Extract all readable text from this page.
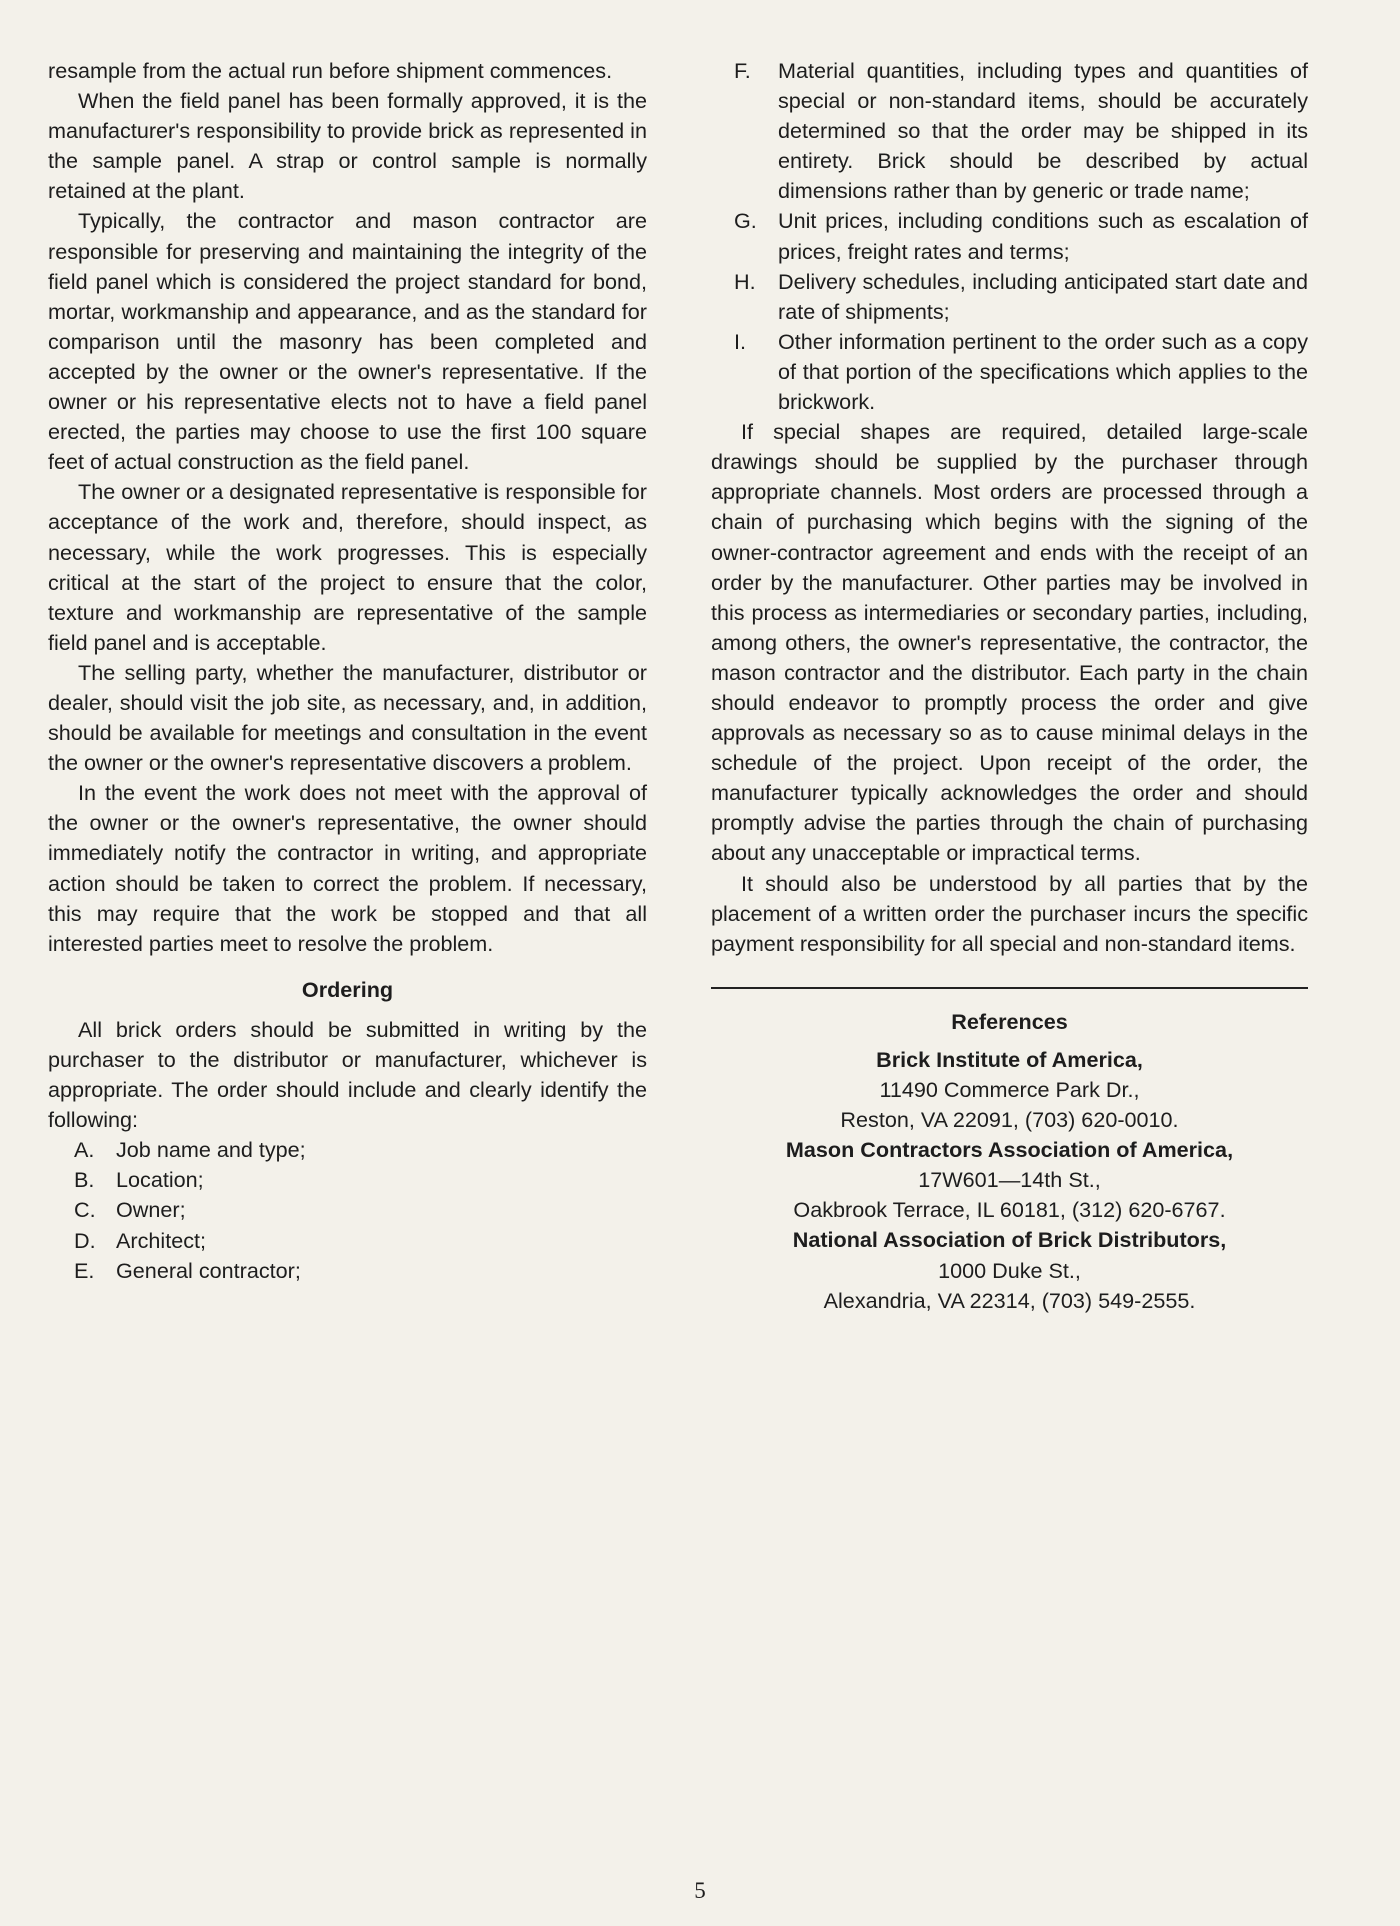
resample from the actual run before shipment commences.

When the field panel has been formally approved, it is the manufacturer's responsibility to provide brick as represented in the sample panel. A strap or control sample is normally retained at the plant.

Typically, the contractor and mason contractor are responsible for preserving and maintaining the integrity of the field panel which is considered the project standard for bond, mortar, workmanship and appearance, and as the standard for comparison until the masonry has been completed and accepted by the owner or the owner's representative. If the owner or his representative elects not to have a field panel erected, the parties may choose to use the first 100 square feet of actual construction as the field panel.

The owner or a designated representative is responsible for acceptance of the work and, therefore, should inspect, as necessary, while the work progresses. This is especially critical at the start of the project to ensure that the color, texture and workmanship are representative of the sample field panel and is acceptable.

The selling party, whether the manufacturer, distributor or dealer, should visit the job site, as necessary, and, in addition, should be available for meetings and consultation in the event the owner or the owner's representative discovers a problem.

In the event the work does not meet with the approval of the owner or the owner's representative, the owner should immediately notify the contractor in writing, and appropriate action should be taken to correct the problem. If necessary, this may require that the work be stopped and that all interested parties meet to resolve the problem.

Ordering

All brick orders should be submitted in writing by the purchaser to the distributor or manufacturer, whichever is appropriate. The order should include and clearly identify the following:

A. Job name and type;
B. Location;
C. Owner;
D. Architect;
E. General contractor;
F. Material quantities, including types and quantities of special or non-standard items, should be accurately determined so that the order may be shipped in its entirety. Brick should be described by actual dimensions rather than by generic or trade name;
G. Unit prices, including conditions such as escalation of prices, freight rates and terms;
H. Delivery schedules, including anticipated start date and rate of shipments;
I. Other information pertinent to the order such as a copy of that portion of the specifications which applies to the brickwork.

If special shapes are required, detailed large-scale drawings should be supplied by the purchaser through appropriate channels. Most orders are processed through a chain of purchasing which begins with the signing of the owner-contractor agreement and ends with the receipt of an order by the manufacturer. Other parties may be involved in this process as intermediaries or secondary parties, including, among others, the owner's representative, the contractor, the mason contractor and the distributor. Each party in the chain should endeavor to promptly process the order and give approvals as necessary so as to cause minimal delays in the schedule of the project. Upon receipt of the order, the manufacturer typically acknowledges the order and should promptly advise the parties through the chain of purchasing about any unacceptable or impractical terms.

It should also be understood by all parties that by the placement of a written order the purchaser incurs the specific payment responsibility for all special and non-standard items.

References

Brick Institute of America,

11490 Commerce Park Dr.,

Reston, VA 22091, (703) 620-0010.

Mason Contractors Association of America,

17W601—14th St.,

Oakbrook Terrace, IL 60181, (312) 620-6767.

National Association of Brick Distributors,

1000 Duke St.,

Alexandria, VA 22314, (703) 549-2555.

5
